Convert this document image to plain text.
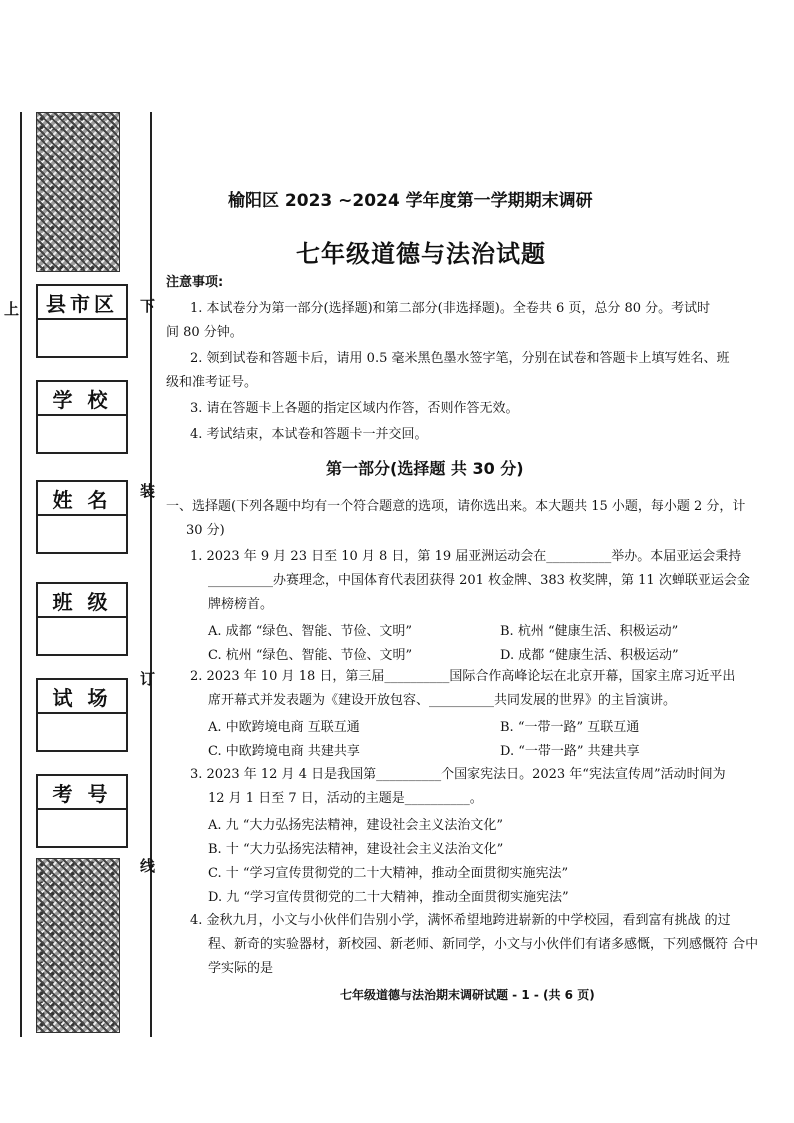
上	县市区
学 校
姓 名
班 级
试 场
考 号
下
装
订
线
榆阳区 2023 ~2024 学年度第一学期期末调研
七年级道德与法治试题
注意事项:
1. 本试卷分为第一部分(选择题)和第二部分(非选择题)。全卷共 6 页，总分 80 分。考试时
间 80 分钟。
2. 领到试卷和答题卡后，请用 0.5 毫米黑色墨水签字笔，分别在试卷和答题卡上填写姓名、班
级和准考证号。
3. 请在答题卡上各题的指定区域内作答，否则作答无效。
4. 考试结束，本试卷和答题卡一并交回。
第一部分(选择题 共 30 分)
一、选择题(下列各题中均有一个符合题意的选项，请你选出来。本大题共 15 小题，每小题 2 分，计
30 分)
1. 2023 年 9 月 23 日至 10 月 8 日，第 19 届亚洲运动会在__________举办。本届亚运会秉持
__________办赛理念，中国体育代表团获得 201 枚金牌、383 枚奖牌，第 11 次蝉联亚运会金
牌榜榜首。
A. 成都 “绿色、智能、节俭、文明”	B. 杭州 “健康生活、积极运动”
C. 杭州 “绿色、智能、节俭、文明”	D. 成都 “健康生活、积极运动”
2. 2023 年 10 月 18 日，第三届__________国际合作高峰论坛在北京开幕，国家主席习近平出
席开幕式并发表题为《建设开放包容、__________共同发展的世界》的主旨演讲。
A. 中欧跨境电商 互联互通	B. “一带一路” 互联互通
C. 中欧跨境电商 共建共享	D. “一带一路” 共建共享
3. 2023 年 12 月 4 日是我国第__________个国家宪法日。2023 年“宪法宣传周”活动时间为
12 月 1 日至 7 日，活动的主题是__________。
A. 九 “大力弘扬宪法精神，建设社会主义法治文化”
B. 十 “大力弘扬宪法精神，建设社会主义法治文化”
C. 十 “学习宣传贯彻党的二十大精神，推动全面贯彻实施宪法”
D. 九 “学习宣传贯彻党的二十大精神，推动全面贯彻实施宪法”
4. 金秋九月，小文与小伙伴们告别小学，满怀希望地跨进崭新的中学校园，看到富有挑战 的过
程、新奇的实验器材，新校园、新老师、新同学，小文与小伙伴们有诸多感慨，下列感慨符 合中
学实际的是
七年级道德与法治期末调研试题 - 1 - (共 6 页)
